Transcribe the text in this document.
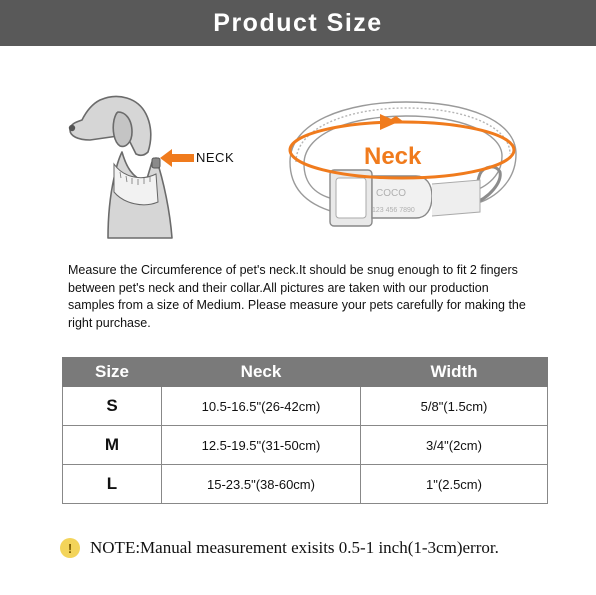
Product Size
NECK
COCO
123 456 7890
Neck
Measure the Circumference of pet's neck.It should be snug enough to fit 2 fingers between pet's neck and their collar.All pictures are taken with our production samples from a size of Medium. Please measure your pets carefully for making the right purchase.
Size	Neck	Width
S	10.5-16.5"(26-42cm)	5/8"(1.5cm)
M	12.5-19.5"(31-50cm)	3/4"(2cm)
L	15-23.5"(38-60cm)	1"(2.5cm)
!	NOTE:Manual measurement exisits 0.5-1 inch(1-3cm)error.
